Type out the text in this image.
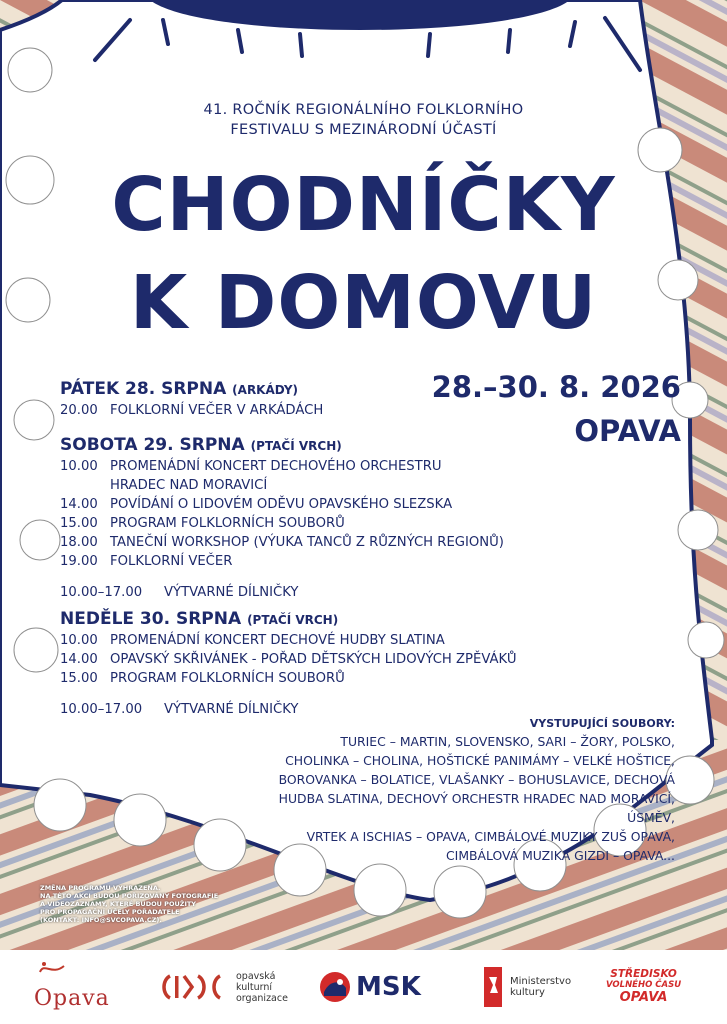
41. ROČNÍK REGIONÁLNÍHO FOLKLORNÍHO
FESTIVALU S MEZINÁRODNÍ ÚČASTÍ
CHODNÍČKY
K DOMOVU
28.–30. 8. 2026
OPAVA
PÁTEK 28. SRPNA (ARKÁDY)
20.00 FOLKLORNÍ VEČER V ARKÁDÁCH
SOBOTA 29. SRPNA (PTAČÍ VRCH)
10.00 PROMENÁDNÍ KONCERT DECHOVÉHO ORCHESTRU
HRADEC NAD MORAVICÍ
14.00 POVÍDÁNÍ O LIDOVÉM ODĚVU OPAVSKÉHO SLEZSKA
15.00 PROGRAM FOLKLORNÍCH SOUBORŮ
18.00 TANEČNÍ WORKSHOP (VÝUKA TANCŮ Z RŮZNÝCH REGIONŮ)
19.00 FOLKLORNÍ VEČER
10.00–17.00 VÝTVARNÉ DÍLNIČKY
NEDĚLE 30. SRPNA (PTAČÍ VRCH)
10.00 PROMENÁDNÍ KONCERT DECHOVÉ HUDBY SLATINA
14.00 OPAVSKÝ SKŘIVÁNEK - POŘAD DĚTSKÝCH LIDOVÝCH ZPĚVÁKŮ
15.00 PROGRAM FOLKLORNÍCH SOUBORŮ
10.00–17.00 VÝTVARNÉ DÍLNIČKY
VYSTUPUJÍCÍ SOUBORY:
TURIEC – MARTIN, SLOVENSKO, SARI – ŽORY, POLSKO,
CHOLINKA – CHOLINA, HOŠTICKÉ PANIMÁMY – VELKÉ HOŠTICE,
BOROVANKA – BOLATICE, VLAŠANKY – BOHUSLAVICE, DECHOVÁ
HUDBA SLATINA, DECHOVÝ ORCHESTR HRADEC NAD MORAVICÍ, ÚSMĚV,
VRTEK A ISCHIAS – OPAVA, CIMBÁLOVÉ MUZIKY ZUŠ OPAVA,
CIMBÁLOVÁ MUZIKA GIZDI – OPAVA...
ZMĚNA PROGRAMU VYHRAZENA.
NA TÉTO AKCI BUDOU POŘIZOVÁNY FOTOGRAFIE
A VIDEOZÁZNAMY, KTERÉ BUDOU POUŽITY
PRO PROPAGAČNÍ ÚČELY POŘADATELE
(KONTAKT: INFO@SVCOPAVA.CZ).
Opava
opavská
kulturní
organizace	MSK	Ministerstvo
kultury
STŘEDISKO
VOLNÉHO ČASU
OPAVA
